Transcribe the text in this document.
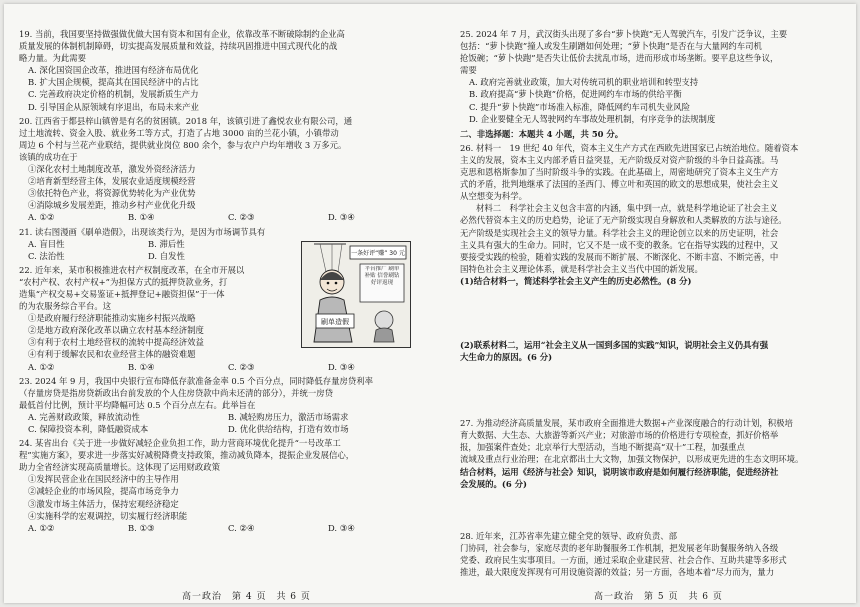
19. 当前，我国要坚持做强做优做大国有资本和国有企业，依靠改革不断破除制约企业高
质量发展的体制机制障碍，切实提高发展质量和效益，持续巩固推进中国式现代化的战
略力量。为此需要
A. 深化国资国企改革，推进国有经济布局优化
B. 扩大国企规模，提高其在国民经济中的占比
C. 完善政府决定价格的机制，发展新质生产力
D. 引导国企从原领域有序退出，布局未来产业
20. 江西省于都县梓山镇曾是有名的贫困镇。2018 年，该镇引进了鑫悦农业有限公司，通
过土地流转、资金入股、就业务工等方式，打造了占地 3000 亩的兰花小镇，小镇带动
周边 6 个村与兰花产业联结，提供就业岗位 800 余个，参与农户户均年增收 3 万多元。
该镇的成功在于
①深化农村土地制度改革，激发外资经济活力
②培育新型经营主体，发展农业适度规模经营
③依托特色产业，将资源优势转化为产业优势
④消除城乡发展差距，推动乡村产业优化升级
A. ①②	B. ①④	C. ②③	D. ③④
21. 读右图漫画《刷单造假》，出现该类行为，是因为市场调节具有
A. 盲目性	B. 滞后性
C. 法治性	D. 自发性
22. 近年来，某市积极推进农村产权制度改革，在全市开展以
“农村产权、农村产权+”为担保方式的抵押贷款业务，打
造集“产权交易+交易鉴证+抵押登记+融资担保”于一体
的为农服务综合平台。这
①是政府履行经济职能推动实施乡村振兴战略
②是地方政府深化改革以确立农村基本经济制度
③有利于农村土地经营权的流转中提高经济效益
④有利于缓解农民和农业经营主体的融资难题
A. ①②	B. ①④	C. ②③	D. ③④
23. 2024 年 9 月，我国中央银行宣布降低存款准备金率 0.5 个百分点，同时降低存量房贷利率
（存量房贷是指房贷新政出台前发放的个人住房贷款中尚未还清的部分），并统一房贷
最低首付比例，预计平均降幅可达 0.5 个百分点左右。此举旨在
A. 完善财政政策，释放流动性	B. 减轻购房压力，激活市场需求
C. 保障投资本利，降低融资成本	D. 优化供给结构，打造有效市场
24. 某省出台《关于进一步做好减轻企业负担工作，助力营商环境优化提升“一号改革工
程”实施方案》，要求进一步落实好减税降费支持政策，推动减负降本，提振企业发展信心，
助力全省经济实现高质量增长。这体现了运用财政政策
①发挥民营企业在国民经济中的主导作用
②减轻企业的市场风险，提高市场竞争力
③激发市场主体活力，保持宏观经济稳定
④实施科学的宏观调控，切实履行经济职能
A. ①②	B. ①③	C. ②④	D. ③④
一条好评“赚” 30 元
平台推广 刷单补贴 信誉刷钻 好评返现
刷单造假
25. 2024 年 7 月，武汉街头出现了多台“萝卜快跑”无人驾驶汽车，引发广泛争议，主要
包括：“萝卜快跑”撞人或发生刷蹭如何处理；“萝卜快跑”是否在与大量网约车司机
抢饭碗；“萝卜快跑”是否失让低价去扰乱市场，进而形成市场垄断。要平息这些争议，
需要
A. 政府完善就业政策，加大对传统司机的职业培训和转型支持
B. 政府提高“萝卜快跑”价格，促进网约车市场的供给平衡
C. 提升“萝卜快跑”市场准入标准，降低网约车司机失业风险
D. 企业要健全无人驾驶网约车事故处理机制，有序竞争的法规制度
二、非选择题：本题共 4 小题，共 50 分。
26. 材料一　19 世纪 40 年代，资本主义生产方式在西欧先进国家已占统治地位。随着资本
主义的发展，资本主义内部矛盾日益突显，无产阶级反对资产阶级的斗争日益高涨。马
克思和恩格斯参加了当时阶级斗争的实践。在此基础上，周密地研究了资本主义生产方
式的矛盾，批判地继承了法国的圣西门、傅立叶和英国的欧文的思想成果，使社会主义
从空想变为科学。
材料二　科学社会主义包含丰富的内涵，集中到一点，就是科学地论证了社会主义
必然代替资本主义的历史趋势，论证了无产阶级实现自身解放和人类解放的方法与途径。
无产阶级是实现社会主义的领导力量。科学社会主义的理论创立以来的历史证明，社会
主义具有强大的生命力。同时，它又不是一成不变的教条。它在指导实践的过程中，又
要接受实践的检验，随着实践的发展而不断扩展、不断深化、不断丰富、不断完善，中
国特色社会主义理论体系，就是科学社会主义当代中国的新发展。
(1)结合材料一，简述科学社会主义产生的历史必然性。(8 分)
(2)联系材料二，运用“社会主义从一国到多国的实践”知识，说明社会主义仍具有强
大生命力的原因。(6 分)
27. 为推动经济高质量发展，某市政府全面推进大数据+产业深度融合的行动计划，积极培
育大数据、大生态、大旅游等新兴产业；对旅游市场的价格进行专项检查，抓好价格举
报，加强案件查处；北京举行大型活动，当地不断提高“双十”工程，加强重点
流域及重点行业治理；在北京都出土大文物，加强文物保护，以形成更先进的生态文明环境。
结合材料，运用《经济与社会》知识，说明该市政府是如何履行经济职能，促进经济社
会发展的。(6 分)
28. 近年来，江苏省率先建立健全党的领导、政府负责、部
门协同，社会参与，家庭尽责的老年助餐服务工作机制，把发展老年助餐服务纳入各级
党委、政府民生实事项目。一方面，通过采取企业建民营、社会合作、互助共建等多形式
推进，最大限度发挥现有可用设施资源的效益；另一方面，各地本着“尽力而为，量力
高一政治　第 4 页　共 6 页	高一政治　第 5 页　共 6 页
